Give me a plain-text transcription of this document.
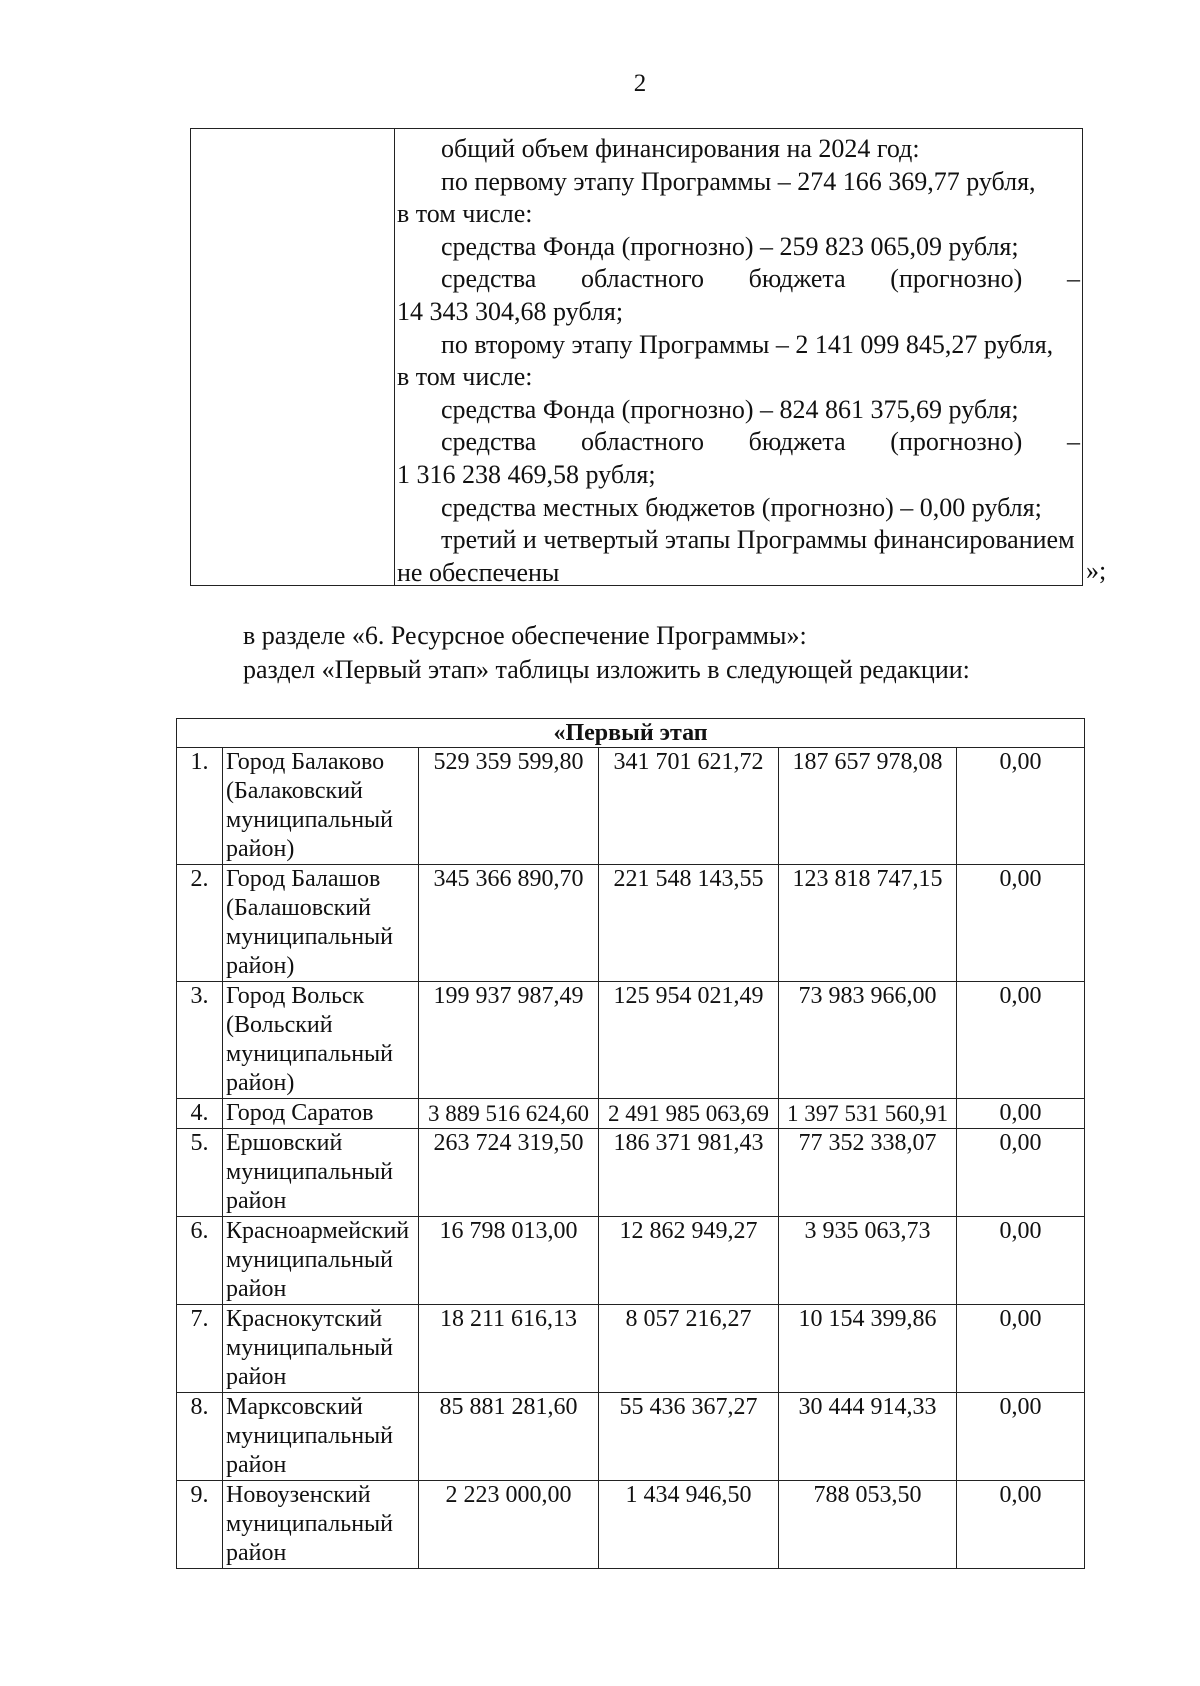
2

общий объем финансирования на 2024 год:

по первому этапу Программы – 274 166 369,77 рубля,

в том числе:

средства Фонда (прогнозно) – 259 823 065,09 рубля;

средства областного бюджета (прогнозно) –

14 343 304,68 рубля;

по второму этапу Программы – 2 141 099 845,27 рубля,

в том числе:

средства Фонда (прогнозно) – 824 861 375,69 рубля;

средства областного бюджета (прогнозно) –

1 316 238 469,58 рубля;

средства местных бюджетов (прогнозно) – 0,00 рубля;

третий и четвертый этапы Программы финансированием

не обеспечены	»;
в разделе «6. Ресурсное обеспечение Программы»:
раздел «Первый этап» таблицы изложить в следующей редакции:
«Первый этап					
1.	Город Балаково (Балаковский муниципальный район)	529 359 599,80	341 701 621,72	187 657 978,08	0,00
2.	Город Балашов (Балашовский муниципальный район)	345 366 890,70	221 548 143,55	123 818 747,15	0,00
3.	Город Вольск (Вольский муниципальный район)	199 937 987,49	125 954 021,49	73 983 966,00	0,00
4.	Город Саратов	3 889 516 624,60	2 491 985 063,69	1 397 531 560,91	0,00
5.	Ершовский муниципальный район	263 724 319,50	186 371 981,43	77 352 338,07	0,00
6.	Красноармейский муниципальный район	16 798 013,00	12 862 949,27	3 935 063,73	0,00
7.	Краснокутский муниципальный район	18 211 616,13	8 057 216,27	10 154 399,86	0,00
8.	Марксовский муниципальный район	85 881 281,60	55 436 367,27	30 444 914,33	0,00
9.	Новоузенский муниципальный район	2 223 000,00	1 434 946,50	788 053,50	0,00
